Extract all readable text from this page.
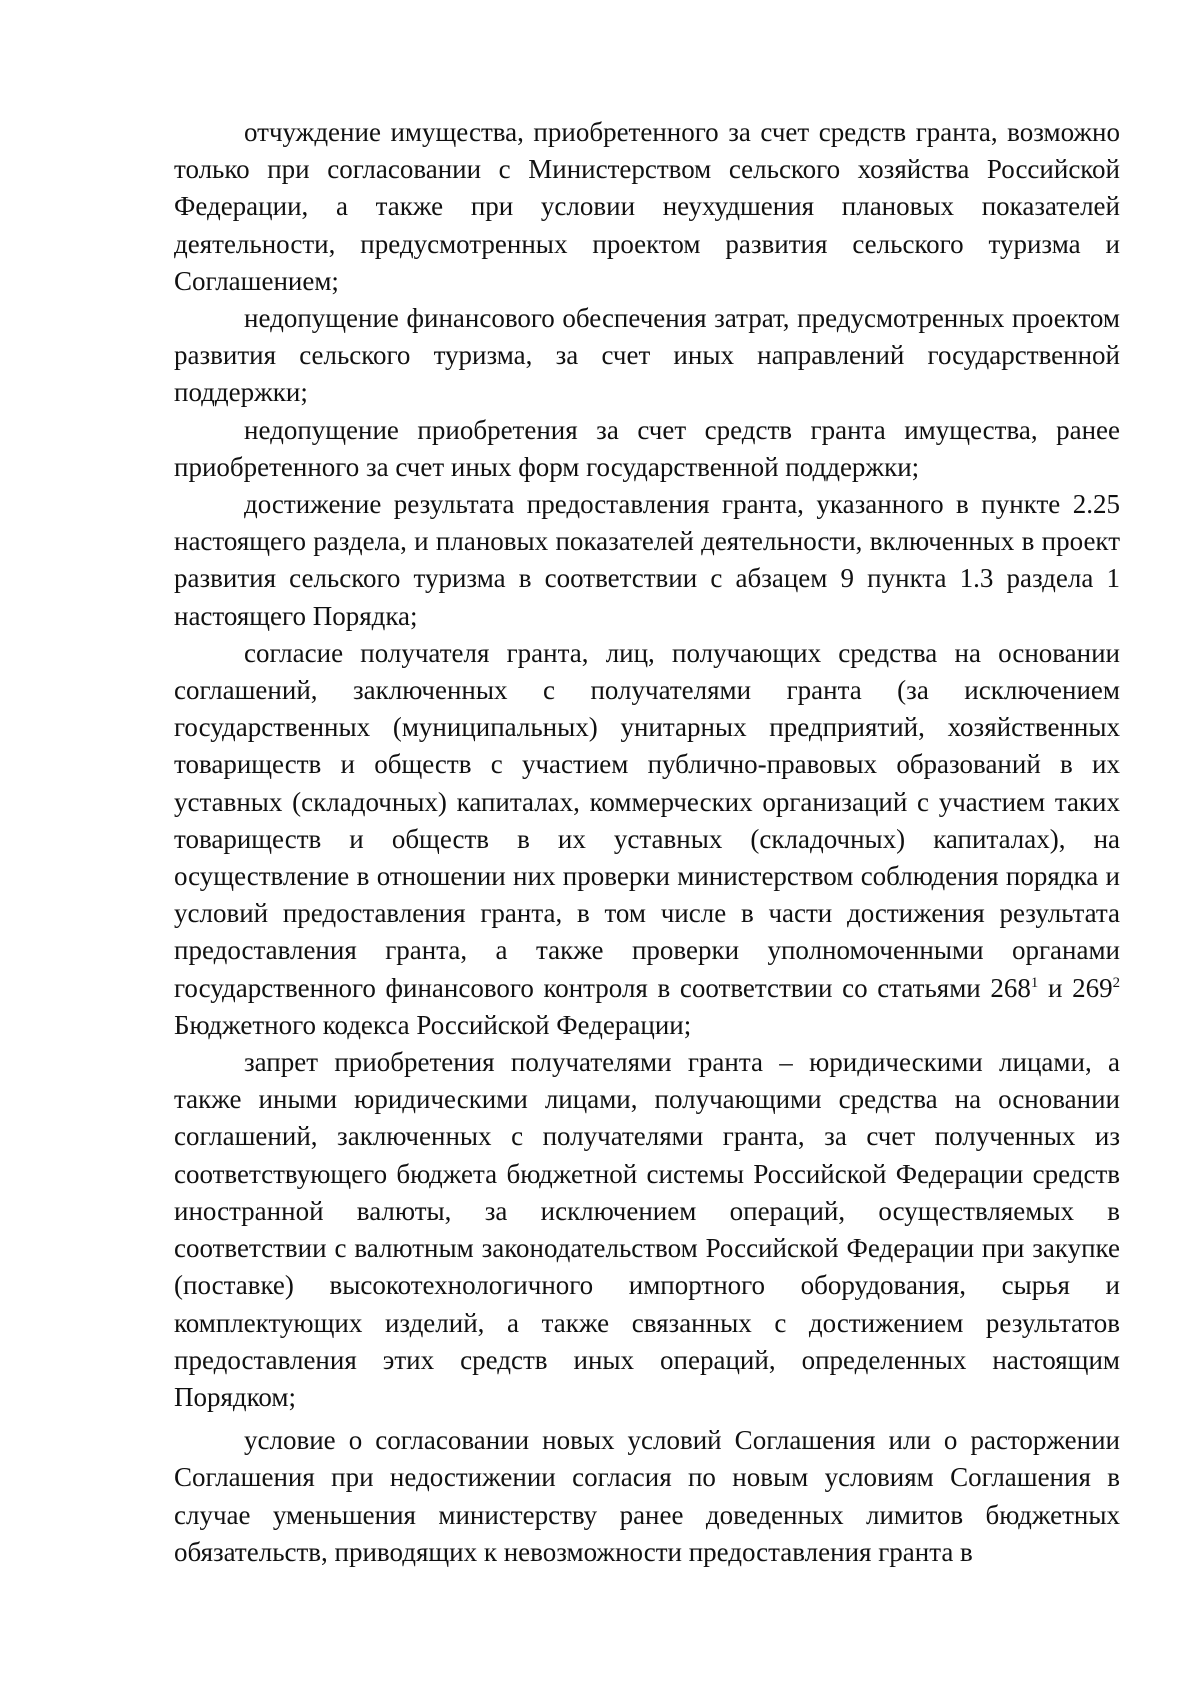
отчуждение имущества, приобретенного за счет средств гранта, возможно только при согласовании с Министерством сельского хозяйства Российской Федерации, а также при условии неухудшения плановых показателей деятельности, предусмотренных проектом развития сельского туризма и Соглашением;

недопущение финансового обеспечения затрат, предусмотренных проектом развития сельского туризма, за счет иных направлений государственной поддержки;

недопущение приобретения за счет средств гранта имущества, ранее приобретенного за счет иных форм государственной поддержки;

достижение результата предоставления гранта, указанного в пункте 2.25 настоящего раздела, и плановых показателей деятельности, включенных в проект развития сельского туризма в соответствии с абзацем 9 пункта 1.3 раздела 1 настоящего Порядка;

согласие получателя гранта, лиц, получающих средства на основании соглашений, заключенных с получателями гранта (за исключением государственных (муниципальных) унитарных предприятий, хозяйственных товариществ и обществ с участием публично-правовых образований в их уставных (складочных) капиталах, коммерческих организаций с участием таких товариществ и обществ в их уставных (складочных) капиталах), на осуществление в отношении них проверки министерством соблюдения порядка и условий предоставления гранта, в том числе в части достижения результата предоставления гранта, а также проверки уполномоченными органами государственного финансового контроля в соответствии со статьями $268^1$ и $269^2$ Бюджетного кодекса Российской Федерации;

запрет приобретения получателями гранта – юридическими лицами, а также иными юридическими лицами, получающими средства на основании соглашений, заключенных с получателями гранта, за счет полученных из соответствующего бюджета бюджетной системы Российской Федерации средств иностранной валюты, за исключением операций, осуществляемых в соответствии с валютным законодательством Российской Федерации при закупке (поставке) высокотехнологичного импортного оборудования, сырья и комплектующих изделий, а также связанных с достижением результатов предоставления этих средств иных операций, определенных настоящим Порядком;

условие о согласовании новых условий Соглашения или о расторжении Соглашения при недостижении согласия по новым условиям Соглашения в случае уменьшения министерству ранее доведенных лимитов бюджетных обязательств, приводящих к невозможности предоставления гранта в
